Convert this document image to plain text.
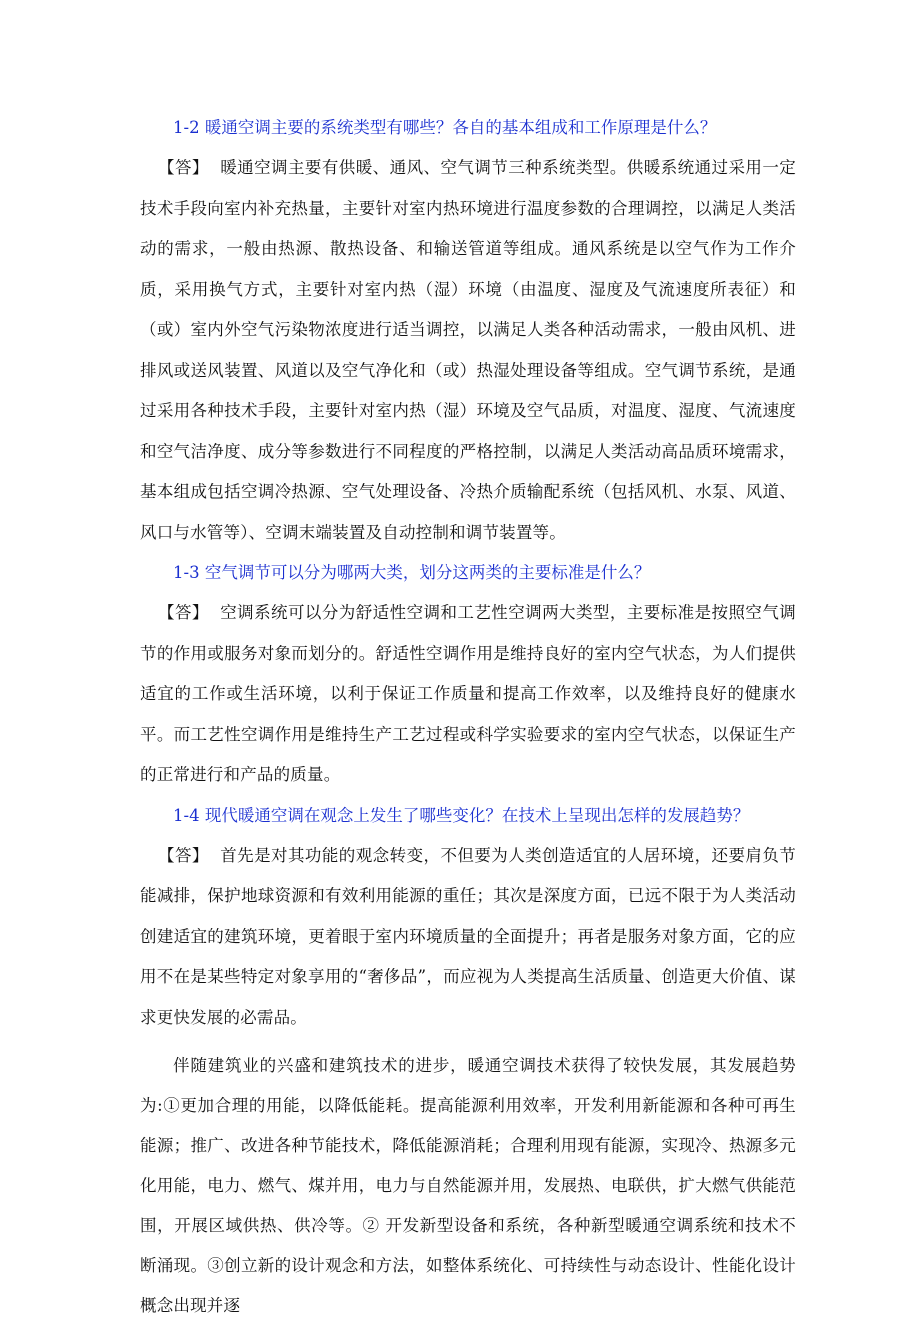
1-2 暖通空调主要的系统类型有哪些？各自的基本组成和工作原理是什么？

【答】 暖通空调主要有供暖、通风、空气调节三种系统类型。供暖系统通过采用一定技术手段向室内补充热量，主要针对室内热环境进行温度参数的合理调控，以满足人类活动的需求，一般由热源、散热设备、和输送管道等组成。通风系统是以空气作为工作介质，采用换气方式，主要针对室内热（湿）环境（由温度、湿度及气流速度所表征）和（或）室内外空气污染物浓度进行适当调控，以满足人类各种活动需求，一般由风机、进排风或送风装置、风道以及空气净化和（或）热湿处理设备等组成。空气调节系统，是通过采用各种技术手段，主要针对室内热（湿）环境及空气品质，对温度、湿度、气流速度和空气洁净度、成分等参数进行不同程度的严格控制，以满足人类活动高品质环境需求，基本组成包括空调冷热源、空气处理设备、冷热介质输配系统（包括风机、水泵、风道、风口与水管等）、空调末端装置及自动控制和调节装置等。

1-3 空气调节可以分为哪两大类，划分这两类的主要标准是什么？

【答】 空调系统可以分为舒适性空调和工艺性空调两大类型，主要标准是按照空气调节的作用或服务对象而划分的。舒适性空调作用是维持良好的室内空气状态，为人们提供适宜的工作或生活环境，以利于保证工作质量和提高工作效率，以及维持良好的健康水平。而工艺性空调作用是维持生产工艺过程或科学实验要求的室内空气状态，以保证生产的正常进行和产品的质量。

1-4 现代暖通空调在观念上发生了哪些变化？在技术上呈现出怎样的发展趋势？

【答】 首先是对其功能的观念转变，不但要为人类创造适宜的人居环境，还要肩负节能减排，保护地球资源和有效利用能源的重任；其次是深度方面，已远不限于为人类活动创建适宜的建筑环境，更着眼于室内环境质量的全面提升；再者是服务对象方面，它的应用不在是某些特定对象享用的“奢侈品”，而应视为人类提高生活质量、创造更大价值、谋求更快发展的必需品。

伴随建筑业的兴盛和建筑技术的进步，暖通空调技术获得了较快发展，其发展趋势为:①更加合理的用能，以降低能耗。提高能源利用效率，开发利用新能源和各种可再生能源；推广、改进各种节能技术，降低能源消耗；合理利用现有能源，实现冷、热源多元化用能，电力、燃气、煤并用，电力与自然能源并用，发展热、电联供，扩大燃气供能范围，开展区域供热、供冷等。② 开发新型设备和系统，各种新型暖通空调系统和技术不断涌现。③创立新的设计观念和方法，如整体系统化、可持续性与动态设计、性能化设计概念出现并逐
